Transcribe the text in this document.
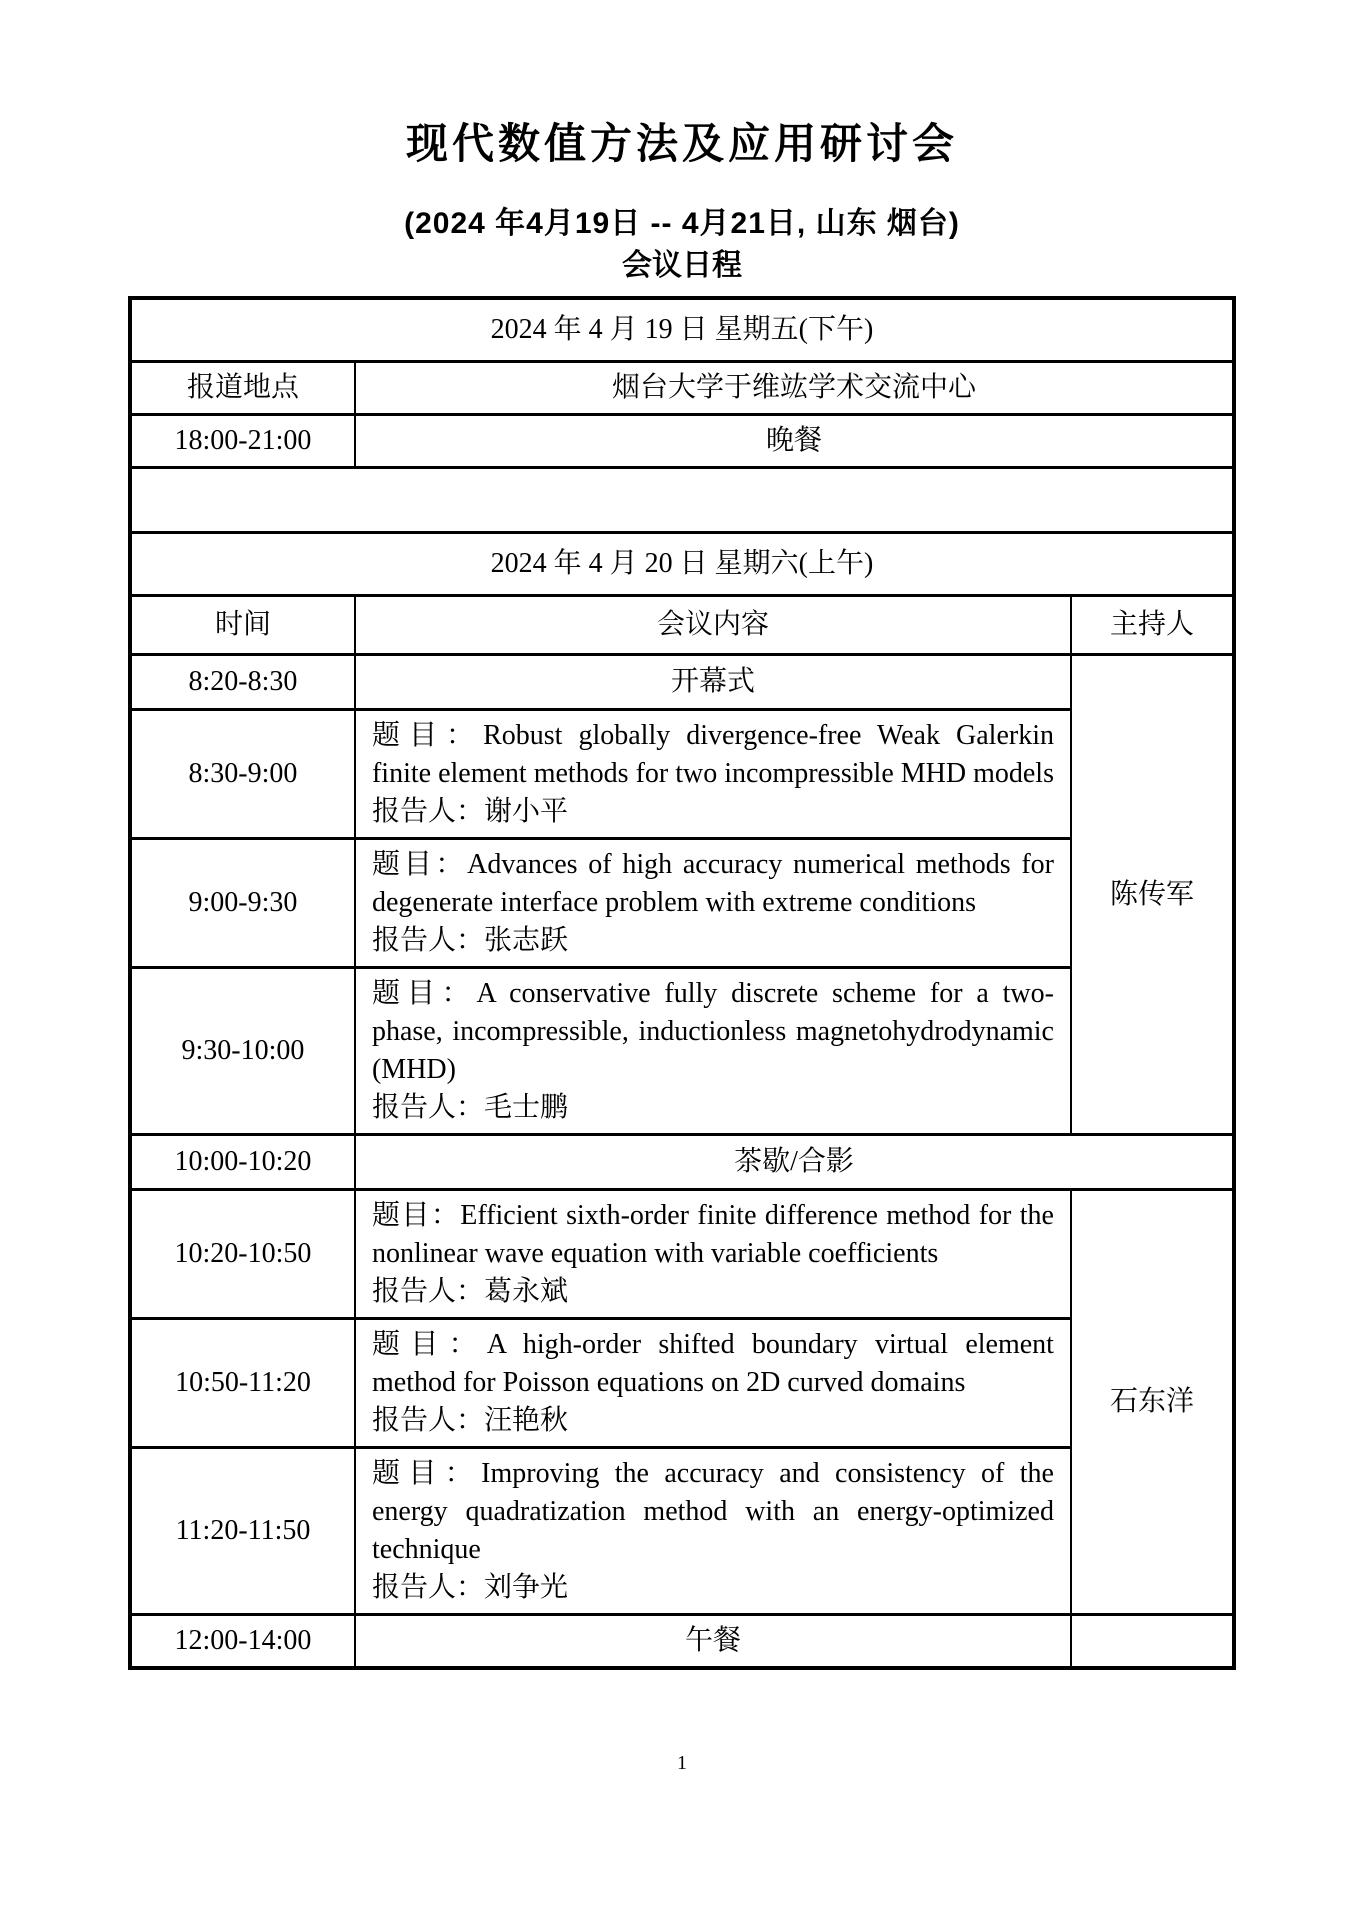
现代数值方法及应用研讨会
(2024 年4月19日 -- 4月21日, 山东 烟台)
会议日程
2024 年 4 月 19 日 星期五(下午)		
报道地点	烟台大学于维竑学术交流中心	
18:00-21:00	晚餐	

2024 年 4 月 20 日 星期六(上午)		
时间	会议内容	主持人
8:20-8:30	开幕式	陈传军
8:30-9:00	题目：Robust globally divergence-free Weak Galerkin finite element methods for two incompressible MHD models
报告人：谢小平	

9:00-9:30	题目：Advances of high accuracy numerical methods for degenerate interface problem with extreme conditions
报告人：张志跃	

9:30-10:00	题目：A conservative fully discrete scheme for a two-phase, incompressible, inductionless magnetohydrodynamic (MHD)
报告人：毛士鹏	

10:00-10:20	茶歇/合影	
10:20-10:50	题目：Efficient sixth-order finite difference method for the nonlinear wave equation with variable coefficients
报告人：葛永斌	石东洋
10:50-11:20	题目：A high-order shifted boundary virtual element method for Poisson equations on 2D curved domains
报告人：汪艳秋	

11:20-11:50	题目：Improving the accuracy and consistency of the energy quadratization method with an energy-optimized technique
报告人：刘争光	

12:00-14:00	午餐	
1
